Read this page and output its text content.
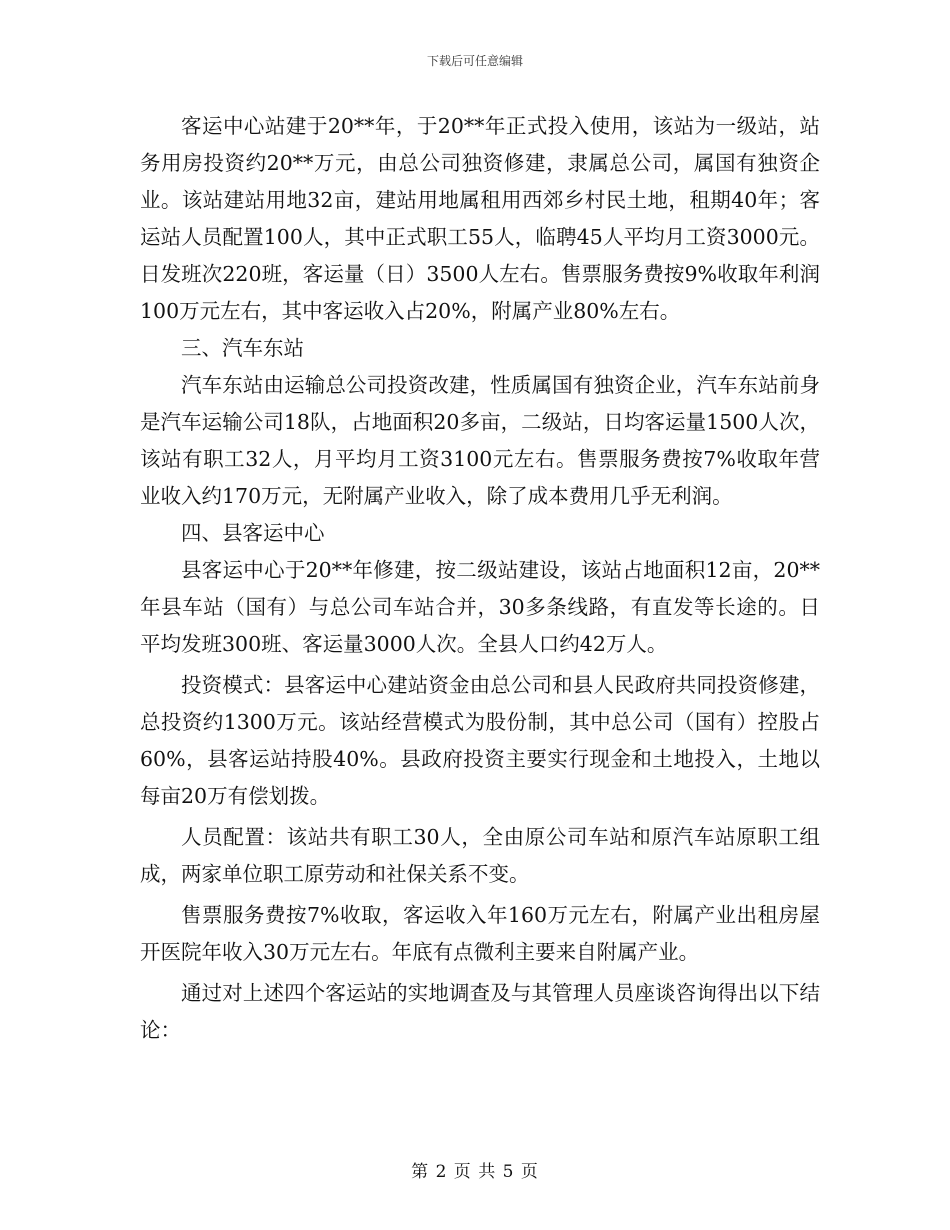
下载后可任意编辑

客运中心站建于20**年，于20**年正式投入使用，该站为一级站，站务用房投资约20**万元，由总公司独资修建，隶属总公司，属国有独资企业。该站建站用地32亩，建站用地属租用西郊乡村民土地，租期40年；客运站人员配置100人，其中正式职工55人，临聘45人平均月工资3000元。日发班次220班，客运量（日）3500人左右。售票服务费按9%收取年利润100万元左右，其中客运收入占20%，附属产业80%左右。

三、汽车东站

汽车东站由运输总公司投资改建，性质属国有独资企业，汽车东站前身是汽车运输公司18队，占地面积20多亩，二级站，日均客运量1500人次，该站有职工32人，月平均月工资3100元左右。售票服务费按7%收取年营业收入约170万元，无附属产业收入，除了成本费用几乎无利润。

四、县客运中心

县客运中心于20**年修建，按二级站建设，该站占地面积12亩，20**年县车站（国有）与总公司车站合并，30多条线路，有直发等长途的。日平均发班300班、客运量3000人次。全县人口约42万人。

投资模式：县客运中心建站资金由总公司和县人民政府共同投资修建，总投资约1300万元。该站经营模式为股份制，其中总公司（国有）控股占60%，县客运站持股40%。县政府投资主要实行现金和土地投入，土地以每亩20万有偿划拨。

人员配置：该站共有职工30人，全由原公司车站和原汽车站原职工组成，两家单位职工原劳动和社保关系不变。

售票服务费按7%收取，客运收入年160万元左右，附属产业出租房屋开医院年收入30万元左右。年底有点微利主要来自附属产业。

通过对上述四个客运站的实地调查及与其管理人员座谈咨询得出以下结论：

第 2 页 共 5 页
